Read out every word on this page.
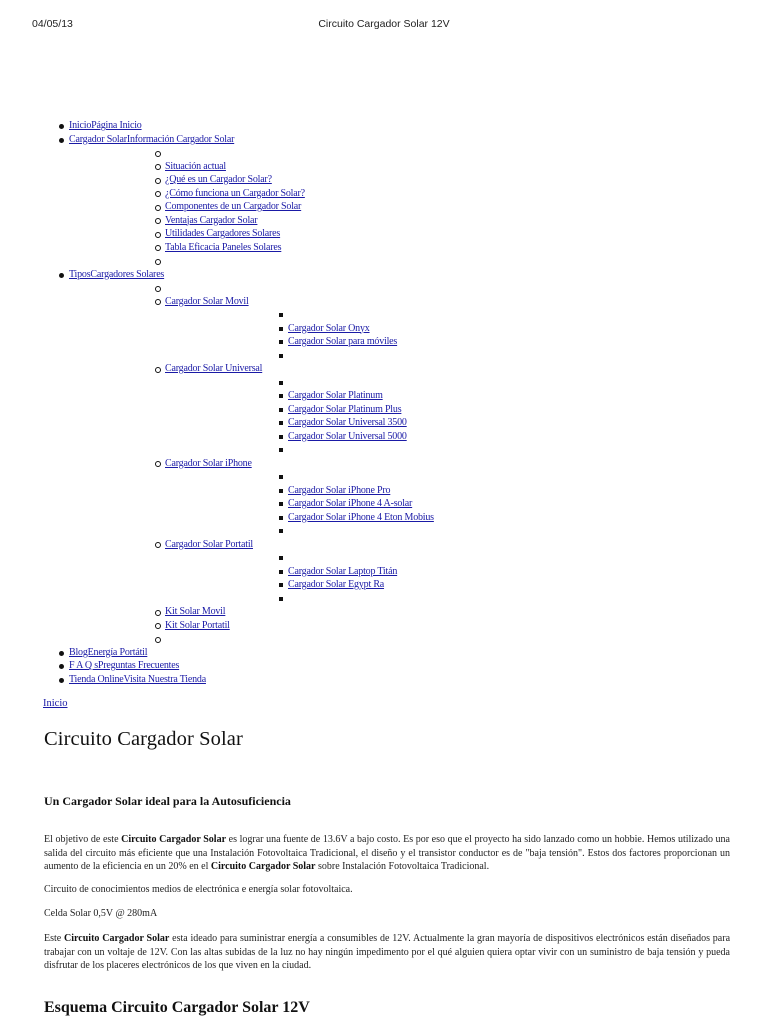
04/05/13	Circuito Cargador Solar 12V
InicioPágina Inicio
Cargador SolarInformación Cargador Solar
Situación actual
¿Qué es un Cargador Solar?
¿Cómo funciona un Cargador Solar?
Componentes de un Cargador Solar
Ventajas Cargador Solar
Utilidades Cargadores Solares
Tabla Eficacia Paneles Solares
TiposCargadores Solares
Cargador Solar Movil
Cargador Solar Onyx
Cargador Solar para móviles
Cargador Solar Universal
Cargador Solar Platinum
Cargador Solar Platinum Plus
Cargador Solar Universal 3500
Cargador Solar Universal 5000
Cargador Solar iPhone
Cargador Solar iPhone Pro
Cargador Solar iPhone 4 A-solar
Cargador Solar iPhone 4 Eton Mobius
Cargador Solar Portatil
Cargador Solar Laptop Titán
Cargador Solar Egypt Ra
Kit Solar Movil
Kit Solar Portatil
BlogEnergía Portátil
F A Q sPreguntas Frecuentes
Tienda OnlineVisita Nuestra Tienda
Inicio
Circuito Cargador Solar
Un Cargador Solar ideal para la Autosuficiencia

El objetivo de este Circuito Cargador Solar es lograr una fuente de 13.6V a bajo costo. Es por eso que el proyecto ha sido lanzado como un hobbie. Hemos utilizado una salida del circuito más eficiente que una Instalación Fotovoltaica Tradicional, el diseño y el transistor conductor es de "baja tensión". Estos dos factores proporcionan un aumento de la eficiencia en un 20% en el Circuito Cargador Solar sobre Instalación Fotovoltaica Tradicional.

Circuito de conocimientos medios de electrónica e energía solar fotovoltaica.

Celda Solar 0,5V @ 280mA

Este Circuito Cargador Solar esta ideado para suministrar energía a consumibles de 12V. Actualmente la gran mayoría de dispositivos electrónicos están diseñados para trabajar con un voltaje de 12V. Con las altas subidas de la luz no hay ningún impedimento por el qué alguien quiera optar vivir con un suministro de baja tensión y pueda disfrutar de los placeres electrónicos de los que viven en la ciudad.

Esquema Circuito Cargador Solar 12V
